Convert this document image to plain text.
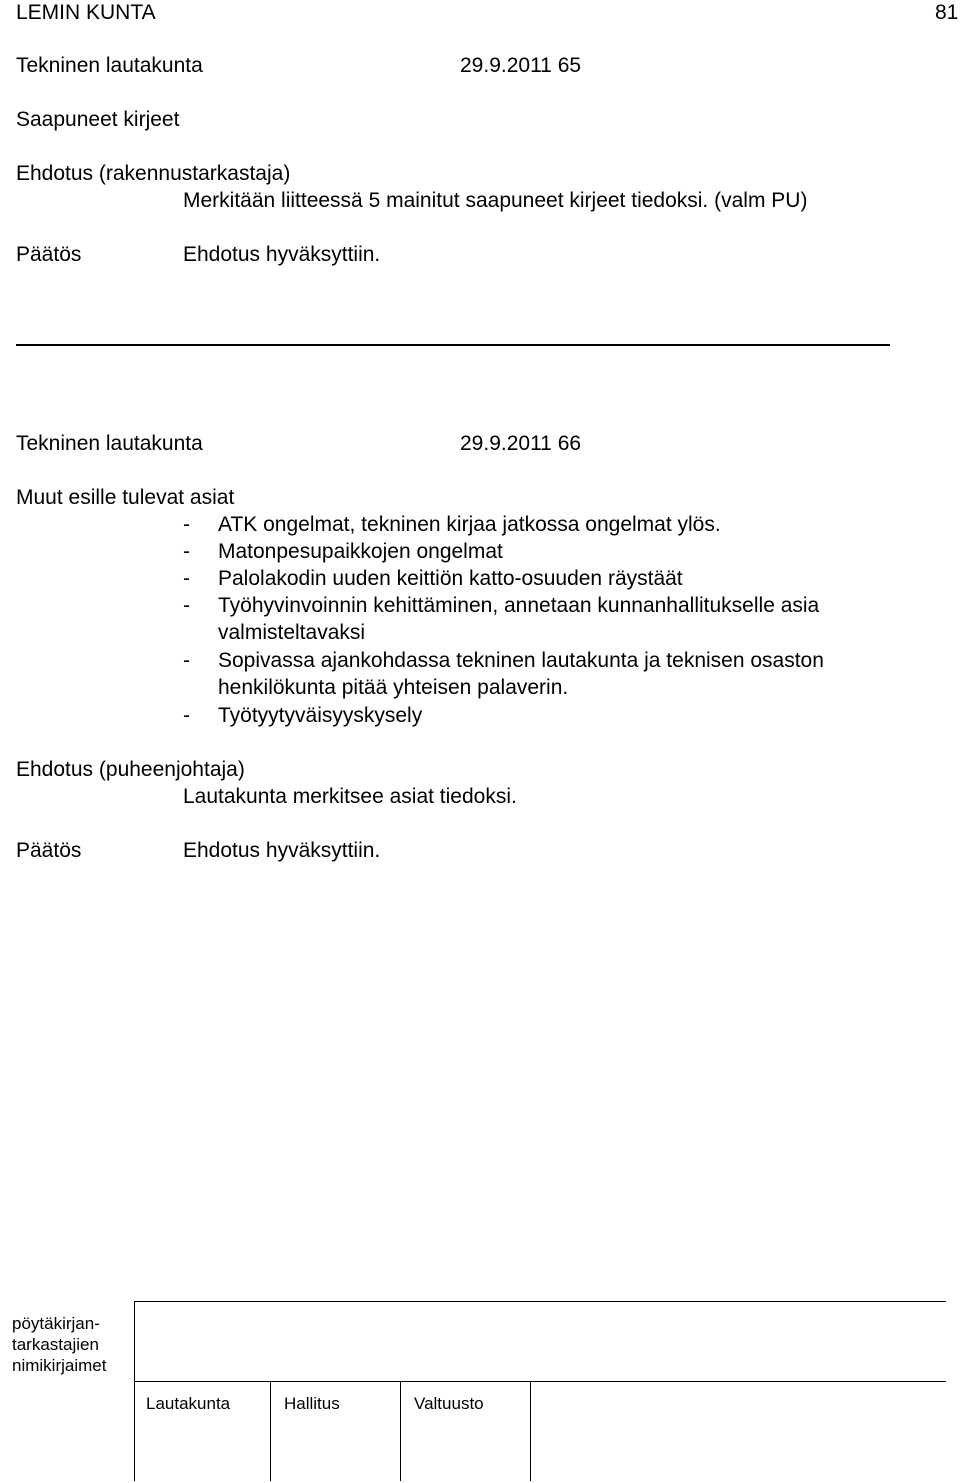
LEMIN KUNTA	81
Tekninen lautakunta	29.9.2011 65
Saapuneet kirjeet
Ehdotus (rakennustarkastaja)
Merkitään liitteessä 5 mainitut saapuneet kirjeet tiedoksi. (valm PU)
Päätös	Ehdotus hyväksyttiin.
Tekninen lautakunta	29.9.2011 66
Muut esille tulevat asiat
- ATK ongelmat, tekninen kirjaa jatkossa ongelmat ylös.
- Matonpesupaikkojen ongelmat
- Palolakodin uuden keittiön katto-osuuden räystäät
- Työhyvinvoinnin kehittäminen, annetaan kunnanhallitukselle asia
valmisteltavaksi
- Sopivassa ajankohdassa tekninen lautakunta ja teknisen osaston
henkilökunta pitää yhteisen palaverin.
- Työtyytyväisyyskysely
Ehdotus (puheenjohtaja)
Lautakunta merkitsee asiat tiedoksi.
Päätös	Ehdotus hyväksyttiin.
pöytäkirjan-
tarkastajien
nimikirjaimet
Lautakunta	Hallitus	Valtuusto
